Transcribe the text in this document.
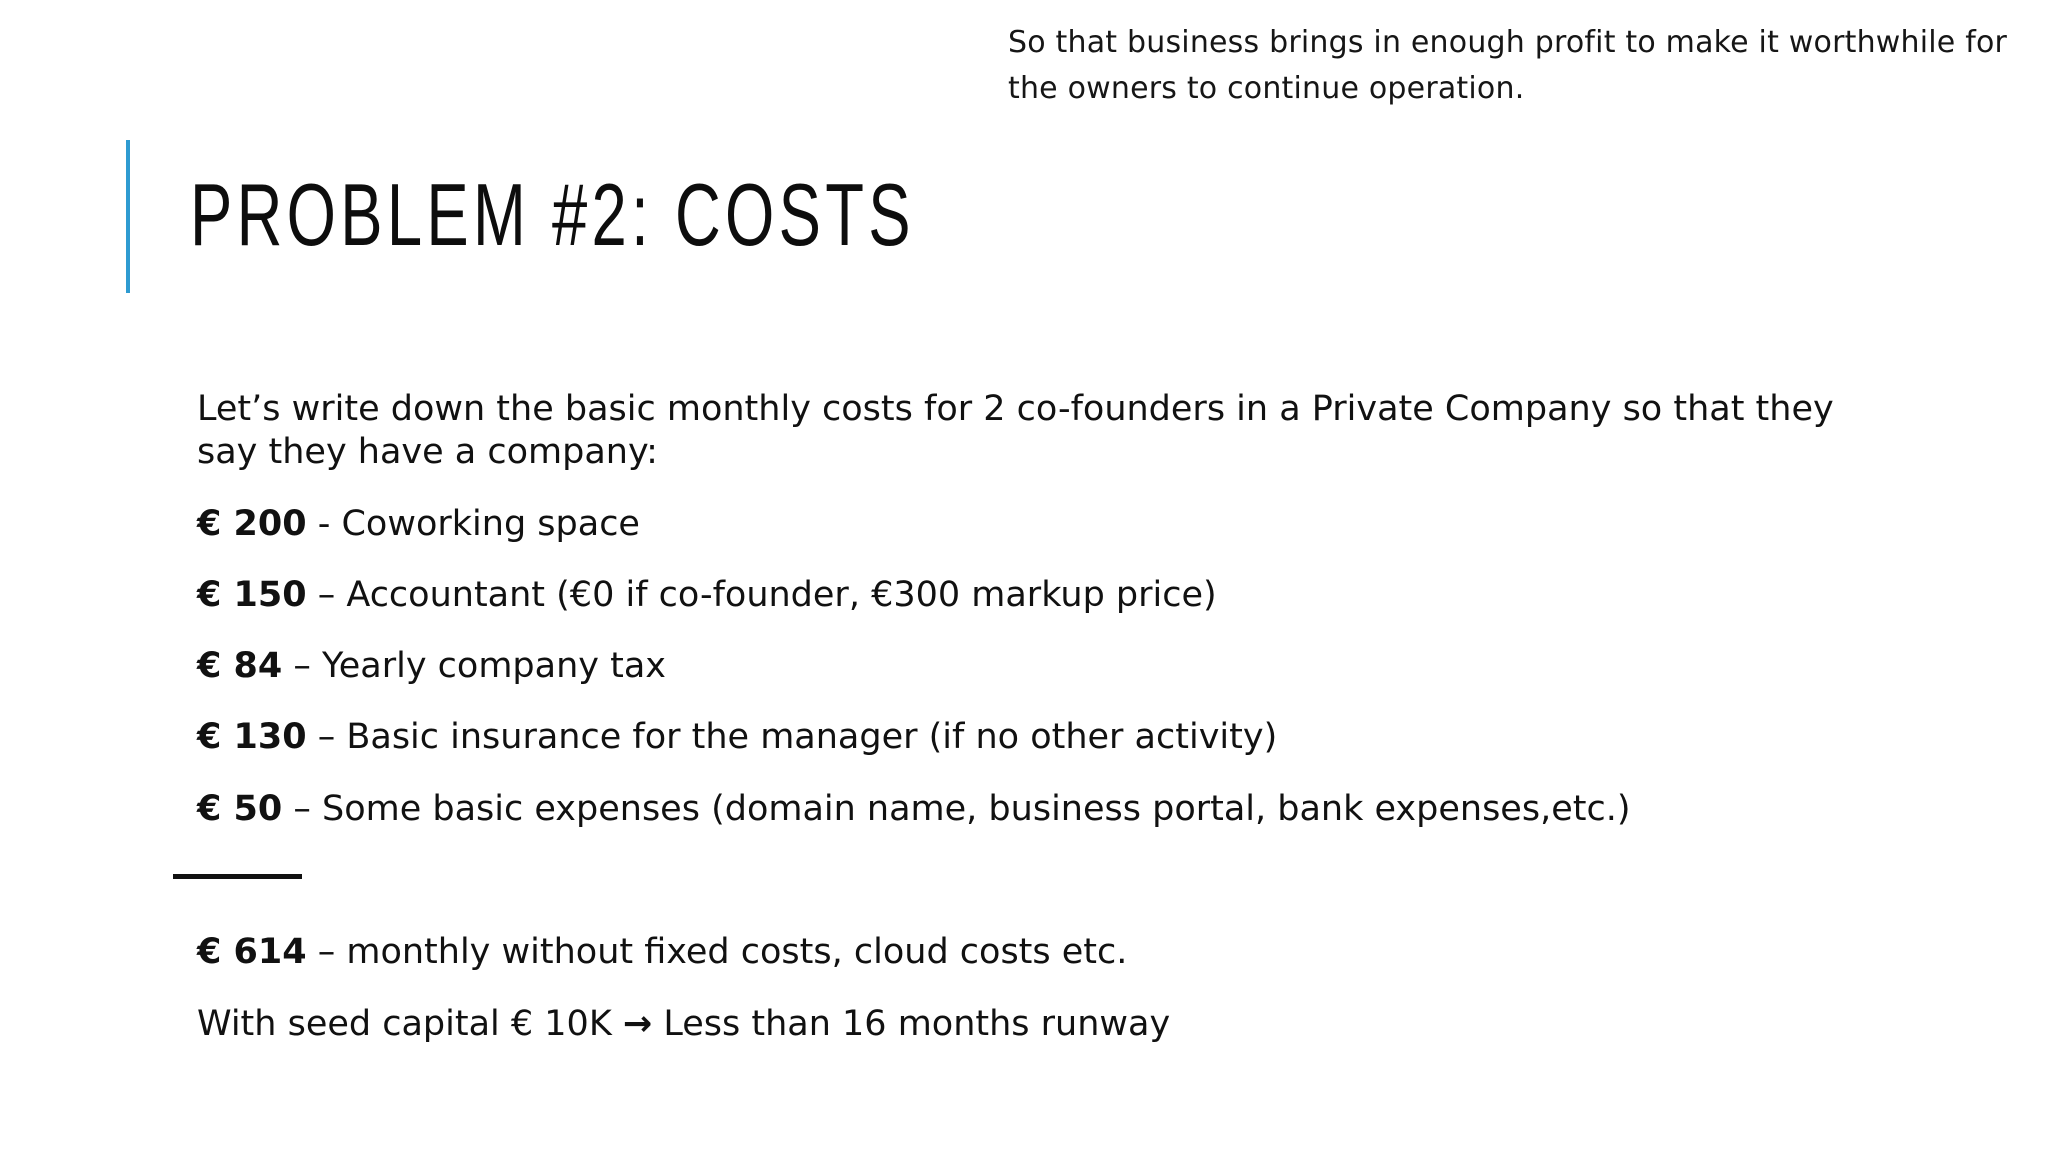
So that business brings in enough profit to make it worthwhile for
the owners to continue operation.
PROBLEM #2: COSTS
Let’s write down the basic monthly costs for 2 co-founders in a Private Company so that they say they have a company:
€ 200 - Coworking space
€ 150 – Accountant (€0 if co-founder, €300 markup price)
€ 84 – Yearly company tax
€ 130 – Basic insurance for the manager (if no other activity)
€ 50 – Some basic expenses (domain name, business portal, bank expenses,etc.)
€ 614 – monthly without fixed costs, cloud costs etc.
With seed capital € 10K → Less than 16 months runway
